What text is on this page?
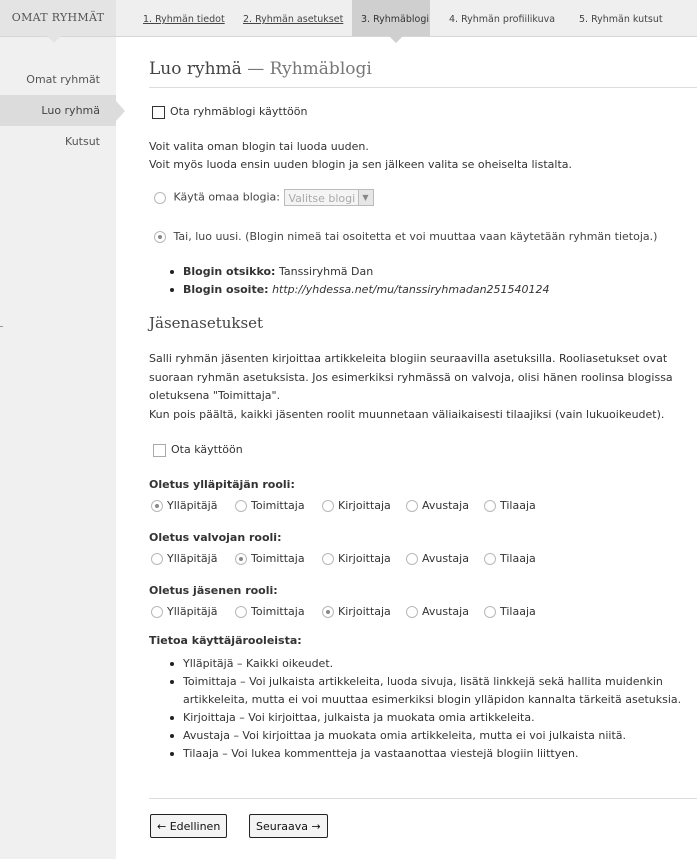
OMAT RYHMÄT
Omat ryhmät
Luo ryhmä
Kutsut
1. Ryhmän tiedot	2. Ryhmän asetukset	3. Ryhmäblogi	4. Ryhmän profiilikuva	5. Ryhmän kutsut
Luo ryhmä — Ryhmäblogi
Ota ryhmäblogi käyttöön
Voit valita oman blogin tai luoda uuden.
Voit myös luoda ensin uuden blogin ja sen jälkeen valita se oheiselta listalta.
Käytä omaa blogia: Valitse blogi ▼
Tai, luo uusi. (Blogin nimeä tai osoitetta et voi muuttaa vaan käytetään ryhmän tietoja.)
Blogin otsikko: Tanssiryhmä Dan
Blogin osoite: http://yhdessa.net/mu/tanssiryhmadan251540124
Jäsenasetukset
Salli ryhmän jäsenten kirjoittaa artikkeleita blogiin seuraavilla asetuksilla. Rooliasetukset ovat suoraan ryhmän asetuksista. Jos esimerkiksi ryhmässä on valvoja, olisi hänen roolinsa blogissa oletuksena "Toimittaja".
Kun pois päältä, kaikki jäsenten roolit muunnetaan väliaikaisesti tilaajiksi (vain lukuoikeudet).
Ota käyttöön
Oletus ylläpitäjän rooli:
Ylläpitäjä	Toimittaja	Kirjoittaja	Avustaja	Tilaaja
Oletus valvojan rooli:
Ylläpitäjä	Toimittaja	Kirjoittaja	Avustaja	Tilaaja
Oletus jäsenen rooli:
Ylläpitäjä	Toimittaja	Kirjoittaja	Avustaja	Tilaaja
Tietoa käyttäjärooleista:
Ylläpitäjä – Kaikki oikeudet.
Toimittaja – Voi julkaista artikkeleita, luoda sivuja, lisätä linkkejä sekä hallita muidenkin artikkeleita, mutta ei voi muuttaa esimerkiksi blogin ylläpidon kannalta tärkeitä asetuksia.
Kirjoittaja – Voi kirjoittaa, julkaista ja muokata omia artikkeleita.
Avustaja – Voi kirjoittaa ja muokata omia artikkeleita, mutta ei voi julkaista niitä.
Tilaaja – Voi lukea kommentteja ja vastaanottaa viestejä blogiin liittyen.
← Edellinen	Seuraava →
